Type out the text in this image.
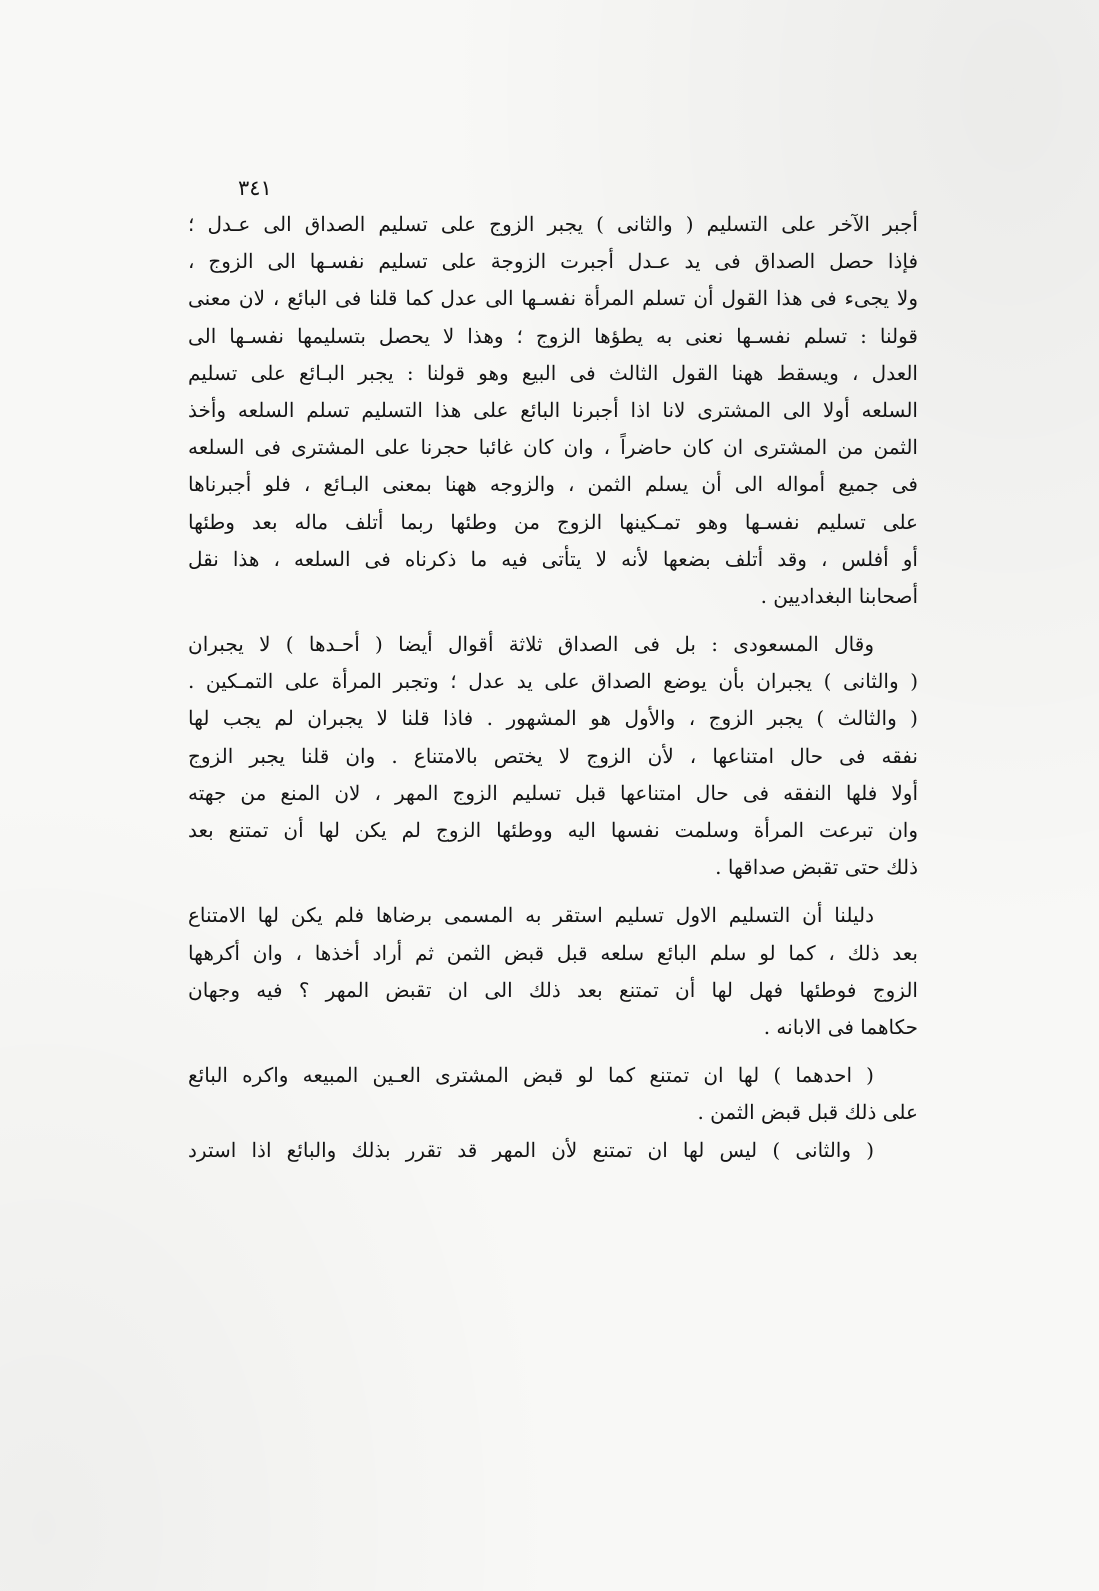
٣٤١
أجبر الآخر على التسليم ( والثانى ) يجبر الزوج على تسليم الصداق الى عـدل ؛
فإذا حصل الصداق فى يد عـدل أجبرت الزوجة على تسليم نفسـها الى الزوج ،
ولا يجىء فى هذا القول أن تسلم المرأة نفسـها الى عدل كما قلنا فى البائع ، لان معنى
قولنا : تسلم نفسـها نعنى به يطؤها الزوج ؛ وهذا لا يحصل بتسليمها نفسـها الى
العدل ، ويسقط ههنا القول الثالث فى البيع وهو قولنا : يجبر البـائع على تسليم
السلعه أولا الى المشترى لانا اذا أجبرنا البائع على هذا التسليم تسلم السلعه وأخذ
الثمن من المشترى ان كان حاضراً ، وان كان غائبا حجرنا على المشترى فى السلعه
فى جميع أمواله الى أن يسلم الثمن ، والزوجه ههنا بمعنى البـائع ، فلو أجبرناها
على تسليم نفسـها وهو تمـكينها الزوج من وطئها ربما أتلف ماله بعد وطئها
أو أفلس ، وقد أتلف بضعها لأنه لا يتأتى فيه ما ذكرناه فى السلعه ، هذا نقل
أصحابنا البغداديين .
وقال المسعودى : بل فى الصداق ثلاثة أقوال أيضا ( أحـدها ) لا يجبران
( والثانى ) يجبران بأن يوضع الصداق على يد عدل ؛ وتجبر المرأة على التمـكين .
( والثالث ) يجبر الزوج ، والأول هو المشهور . فاذا قلنا لا يجبران لم يجب لها
نفقه فى حال امتناعها ، لأن الزوج لا يختص بالامتناع . وان قلنا يجبر الزوج
أولا فلها النفقه فى حال امتناعها قبل تسليم الزوج المهر ، لان المنع من جهته
وان تبرعت المرأة وسلمت نفسها اليه ووطئها الزوج لم يكن لها أن تمتنع بعد
ذلك حتى تقبض صداقها .
دليلنا أن التسليم الاول تسليم استقر به المسمى برضاها فلم يكن لها الامتناع
بعد ذلك ، كما لو سلم البائع سلعه قبل قبض الثمن ثم أراد أخذها ، وان أكرهها
الزوج فوطئها فهل لها أن تمتنع بعد ذلك الى ان تقبض المهر ؟ فيه وجهان
حكاهما فى الابانه .
( احدهما ) لها ان تمتنع كما لو قبض المشترى العـين المبيعه واكره البائع
على ذلك قبل قبض الثمن .
( والثانى ) ليس لها ان تمتنع لأن المهر قد تقرر بذلك والبائع اذا استرد
